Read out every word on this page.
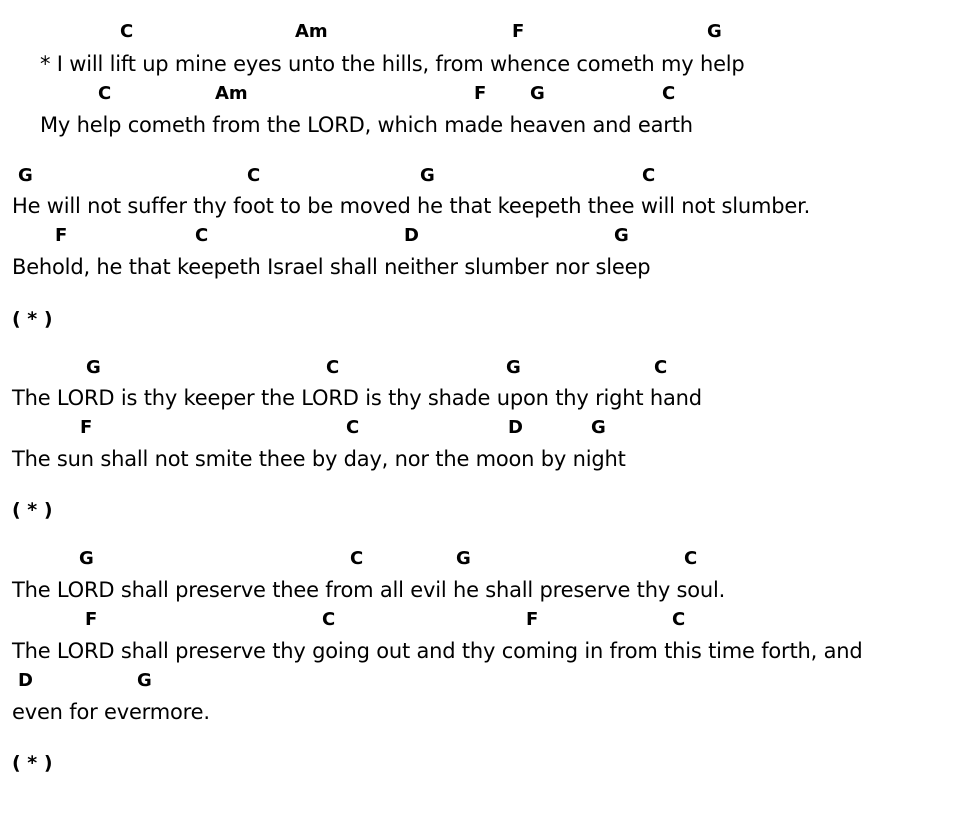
C	Am	F	G
* I will lift up mine eyes unto the hills, from whence cometh my help
C	Am	F G	C
My help cometh from the LORD, which made heaven and earth
G	C	G	C
He will not suffer thy foot to be moved he that keepeth thee will not slumber.
F	C	D	G
Behold, he that keepeth Israel shall neither slumber nor sleep
( * )
G	C	G	C
The LORD is thy keeper the LORD is thy shade upon thy right hand
F	C	D	G
The sun shall not smite thee by day, nor the moon by night
( * )
G	C	G	C
The LORD shall preserve thee from all evil he shall preserve thy soul.
F	C	F	C
The LORD shall preserve thy going out and thy coming in from this time forth, and
D	G
even for evermore.
( * )
